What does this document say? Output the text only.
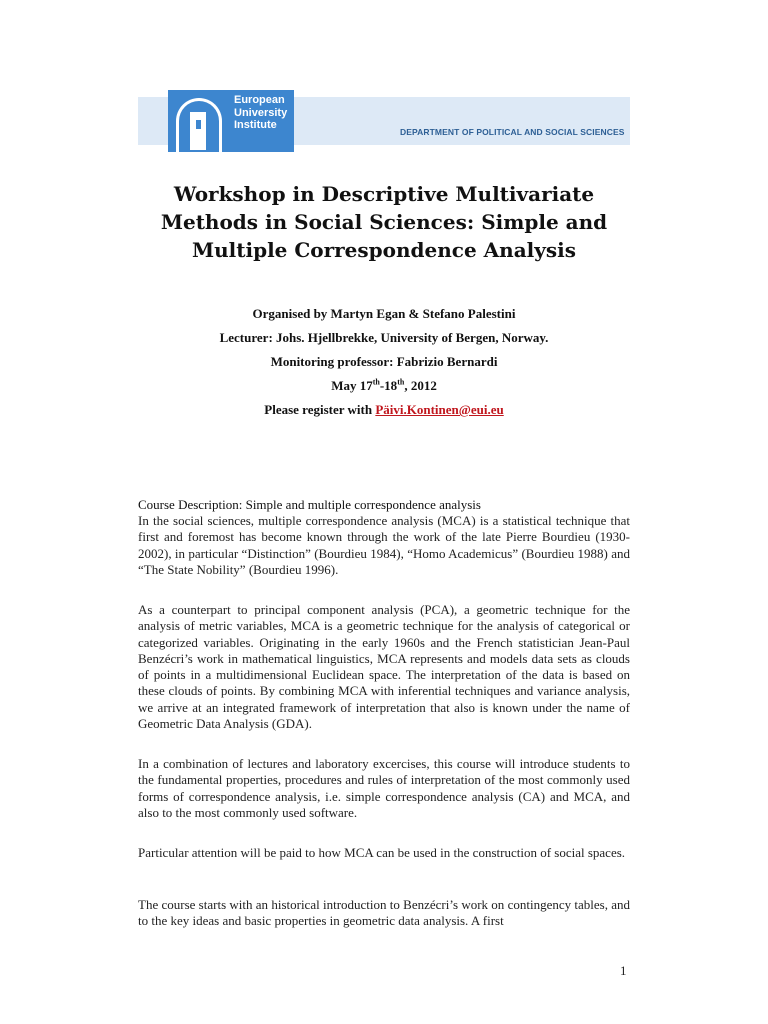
European
University
Institute
DEPARTMENT OF POLITICAL AND SOCIAL SCIENCES
Workshop in Descriptive Multivariate Methods in Social Sciences: Simple and Multiple Correspondence Analysis
Organised by Martyn Egan & Stefano Palestini
Lecturer: Johs. Hjellbrekke, University of Bergen, Norway.
Monitoring professor: Fabrizio Bernardi
May 17th-18th, 2012
Please register with Päivi.Kontinen@eui.eu
Course Description: Simple and multiple correspondence analysis

In the social sciences, multiple correspondence analysis (MCA) is a statistical technique that first and foremost has become known through the work of the late Pierre Bourdieu (1930-2002), in particular “Distinction” (Bourdieu 1984), “Homo Academicus” (Bourdieu 1988) and “The State Nobility” (Bourdieu 1996).

As a counterpart to principal component analysis (PCA), a geometric technique for the analysis of metric variables, MCA is a geometric technique for the analysis of categorical or categorized variables. Originating in the early 1960s and the French statistician Jean-Paul Benzécri’s work in mathematical linguistics, MCA represents and models data sets as clouds of points in a multidimensional Euclidean space. The interpretation of the data is based on these clouds of points. By combining MCA with inferential techniques and variance analysis, we arrive at an integrated framework of interpretation that also is known under the name of Geometric Data Analysis (GDA).

In a combination of lectures and laboratory excercises, this course will introduce students to the fundamental properties, procedures and rules of interpretation of the most commonly used forms of correspondence analysis, i.e. simple correspondence analysis (CA) and MCA, and also to the most commonly used software.

Particular attention will be paid to how MCA can be used in the construction of social spaces.

The course starts with an historical introduction to Benzécri’s work on contingency tables, and to the key ideas and basic properties in geometric data analysis. A first

1
